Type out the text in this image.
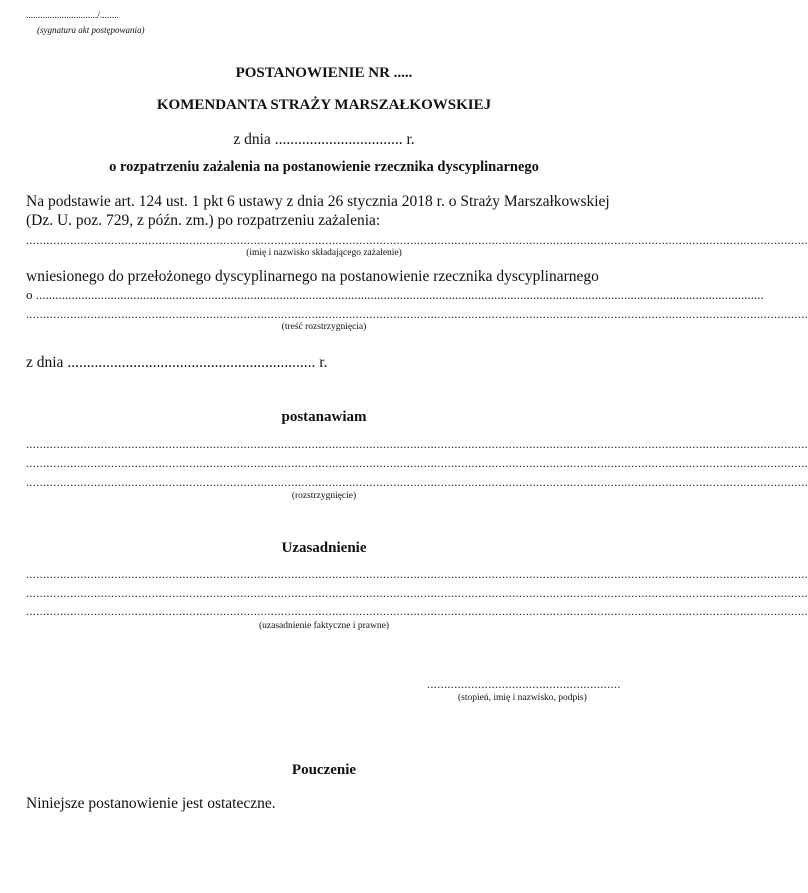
............................../........
(sygnatura akt postępowania)
POSTANOWIENIE NR .....
KOMENDANTA STRAŻY MARSZAŁKOWSKIEJ
z dnia ................................. r.
o rozpatrzeniu zażalenia na postanowienie rzecznika dyscyplinarnego
Na podstawie art. 124 ust. 1 pkt 6 ustawy z dnia 26 stycznia 2018 r. o Straży Marszałkowskiej
(Dz. U. poz. 729, z późn. zm.) po rozpatrzeniu zażalenia:
......................................................................................................................................................................................................................................
(imię i nazwisko składającego zażalenie)
wniesionego do przełożonego dyscyplinarnego na postanowienie rzecznika dyscyplinarnego
o ................................................................................................................................................................................................................................
......................................................................................................................................................................................................................................
(treść rozstrzygnięcia)
z dnia ................................................................ r.
postanawiam
......................................................................................................................................................................................................................................
......................................................................................................................................................................................................................................
......................................................................................................................................................................................................................................
(rozstrzygnięcie)
Uzasadnienie
......................................................................................................................................................................................................................................
......................................................................................................................................................................................................................................
......................................................................................................................................................................................................................................
(uzasadnienie faktyczne i prawne)
.........................................................
(stopień, imię i nazwisko, podpis)
Pouczenie
Niniejsze postanowienie jest ostateczne.
